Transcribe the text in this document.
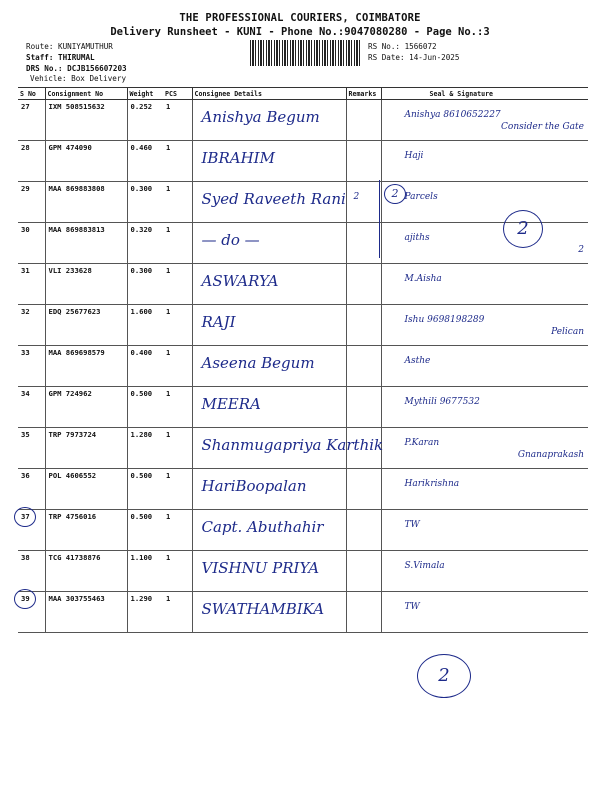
THE PROFESSIONAL COURIERS, COIMBATORE
Delivery Runsheet - KUNI - Phone No.:9047080280 - Page No.:3
Route: KUNIYAMUTHUR
Staff: THIRUMAL
DRS No.: DCJB156607203
Vehicle: Box Delivery
RS No.: 1566072
RS Date: 14-Jun-2025
S No	Consignment No	Weight	PCS	Consignee Details	Remarks	Seal & Signature
27	IXM 508515632	0.252	1	Anishya Begum		Anishya 8610652227
Consider the Gate

28	GPM 474090	0.460	1	IBRAHIM		Haji

29	MAA 869883808	0.300	1	Syed Raveeth Rani	2	Parcels

30	MAA 869883813	0.320	1	— do —		ajiths
2

31	VLI 233628	0.300	1	ASWARYA		M.Aisha

32	EDQ 25677623	1.600	1	RAJI		Ishu 9698198289
Pelican

33	MAA 869698579	0.400	1	Aseena Begum		Asthe

34	GPM 724962	0.500	1	MEERA		Mythili 9677532

35	TRP 7973724	1.280	1	Shanmugapriya Karthik		P.Karan
Gnanaprakash

36	POL 4606552	0.500	1	HariBoopalan		Harikrishna

37	TRP 4756016	0.500	1	Capt. Abuthahir		TW

38	TCG 41738876	1.100	1	VISHNU PRIYA		S.Vimala

39	MAA 303755463	1.290	1	SWATHAMBIKA		TW
2
2
2
